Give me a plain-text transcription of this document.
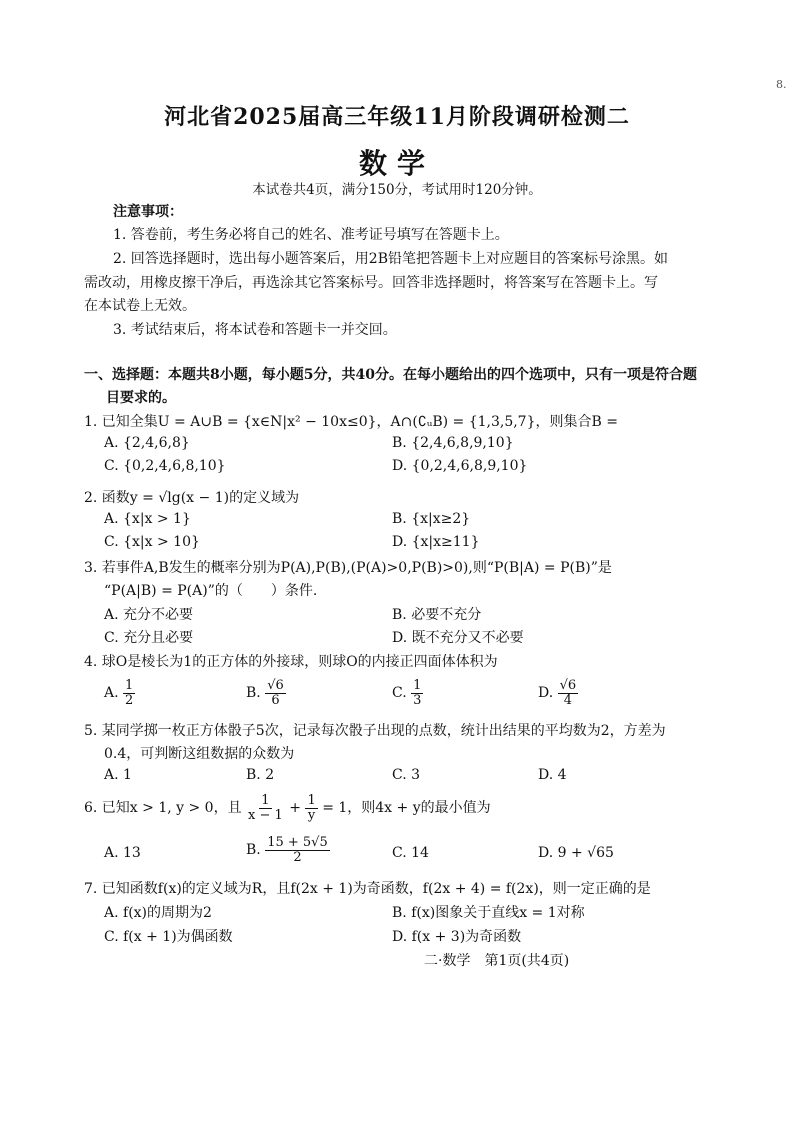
8.
河北省2025届高三年级11月阶段调研检测二
数学
本试卷共4页，满分150分，考试用时120分钟。
注意事项：
1. 答卷前，考生务必将自己的姓名、准考证号填写在答题卡上。
2. 回答选择题时，选出每小题答案后，用2B铅笔把答题卡上对应题目的答案标号涂黑。如
需改动，用橡皮擦干净后，再选涂其它答案标号。回答非选择题时，将答案写在答题卡上。写
在本试卷上无效。
3. 考试结束后，将本试卷和答题卡一并交回。
一、选择题：本题共8小题，每小题5分，共40分。在每小题给出的四个选项中，只有一项是符合题
目要求的。
1. 已知全集U = A∪B = {x∈N|x² − 10x≤0}，A∩(∁ᵤB) = {1,3,5,7}，则集合B =
A. {2,4,6,8}	B. {2,4,6,8,9,10}
C. {0,2,4,6,8,10}	D. {0,2,4,6,8,9,10}
2. 函数y = √lg(x − 1)的定义域为
A. {x|x > 1}	B. {x|x≥2}
C. {x|x > 10}	D. {x|x≥11}
3. 若事件A,B发生的概率分别为P(A),P(B),(P(A)>0,P(B)>0),则“P(B|A) = P(B)”是
“P(A|B) = P(A)”的（　　）条件.
A. 充分不必要	B. 必要不充分
C. 充分且必要	D. 既不充分又不必要
4. 球O是棱长为1的正方体的外接球，则球O的内接正四面体体积为
A. $\frac{1}{2}$	B. $\frac{√6}{6}$	C. $\frac{1}{3}$	D. $\frac{√6}{4}$
5. 某同学掷一枚正方体骰子5次，记录每次骰子出现的点数，统计出结果的平均数为2，方差为
0.4，可判断这组数据的众数为
A. 1	B. 2	C. 3	D. 4
6. 已知x > 1, y > 0，且 $\frac{1}{x - 1} + \frac{1}{y} = 1$，则4x + y的最小值为
A. 13	B. $\frac{15 + 5√5}{2}$	C. 14	D. 9 + √65
7. 已知函数f(x)的定义域为R，且f(2x + 1)为奇函数，f(2x + 4) = f(2x)，则一定正确的是
A. f(x)的周期为2	B. f(x)图象关于直线x = 1对称
C. f(x + 1)为偶函数	D. f(x + 3)为奇函数
二·数学　第1页(共4页)
